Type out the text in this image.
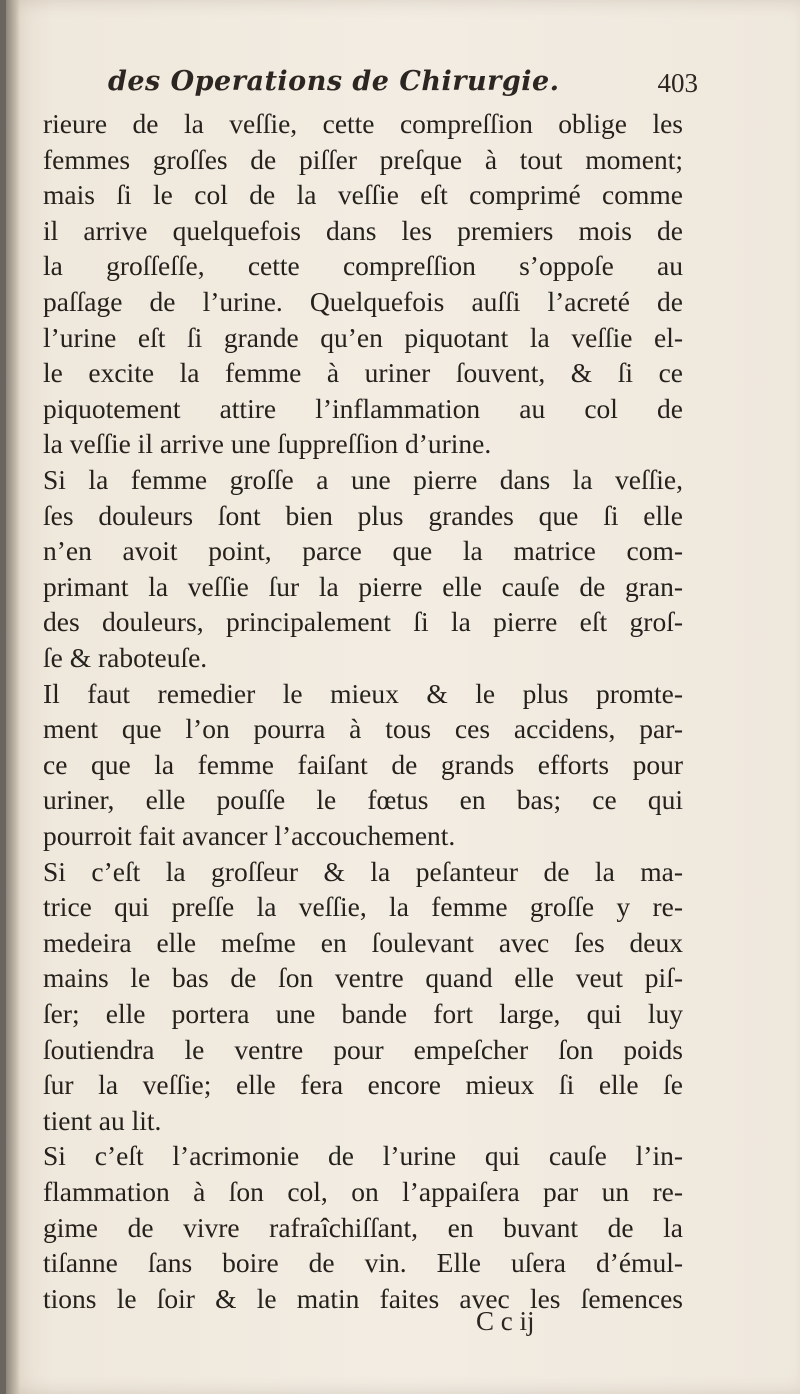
des Operations de Chirurgie.	403
rieure de la veſſie, cette compreſſion oblige les
femmes groſſes de piſſer preſque à tout moment;
mais ſi le col de la veſſie eſt comprimé comme
il arrive quelquefois dans les premiers mois de
la groſſeſſe, cette compreſſion s’oppoſe au
paſſage de l’urine. Quelquefois auſſi l’acreté de
l’urine eſt ſi grande qu’en piquotant la veſſie el-
le excite la femme à uriner ſouvent, & ſi ce
piquotement attire l’inflammation au col de
la veſſie il arrive une ſuppreſſion d’urine.
Si la femme groſſe a une pierre dans la veſſie,
ſes douleurs ſont bien plus grandes que ſi elle
n’en avoit point, parce que la matrice com-
primant la veſſie ſur la pierre elle cauſe de gran-
des douleurs, principalement ſi la pierre eſt groſ-
ſe & raboteuſe.
Il faut remedier le mieux & le plus promte-
ment que l’on pourra à tous ces accidens, par-
ce que la femme faiſant de grands efforts pour
uriner, elle pouſſe le fœtus en bas; ce qui
pourroit fait avancer l’accouchement.
Si c’eſt la groſſeur & la peſanteur de la ma-
trice qui preſſe la veſſie, la femme groſſe y re-
medeira elle meſme en ſoulevant avec ſes deux
mains le bas de ſon ventre quand elle veut piſ-
ſer; elle portera une bande fort large, qui luy
ſoutiendra le ventre pour empeſcher ſon poids
ſur la veſſie; elle fera encore mieux ſi elle ſe
tient au lit.
Si c’eſt l’acrimonie de l’urine qui cauſe l’in-
flammation à ſon col, on l’appaiſera par un re-
gime de vivre rafraîchiſſant, en buvant de la
tiſanne ſans boire de vin. Elle uſera d’émul-
tions le ſoir & le matin faites avec les ſemences
C c ij
